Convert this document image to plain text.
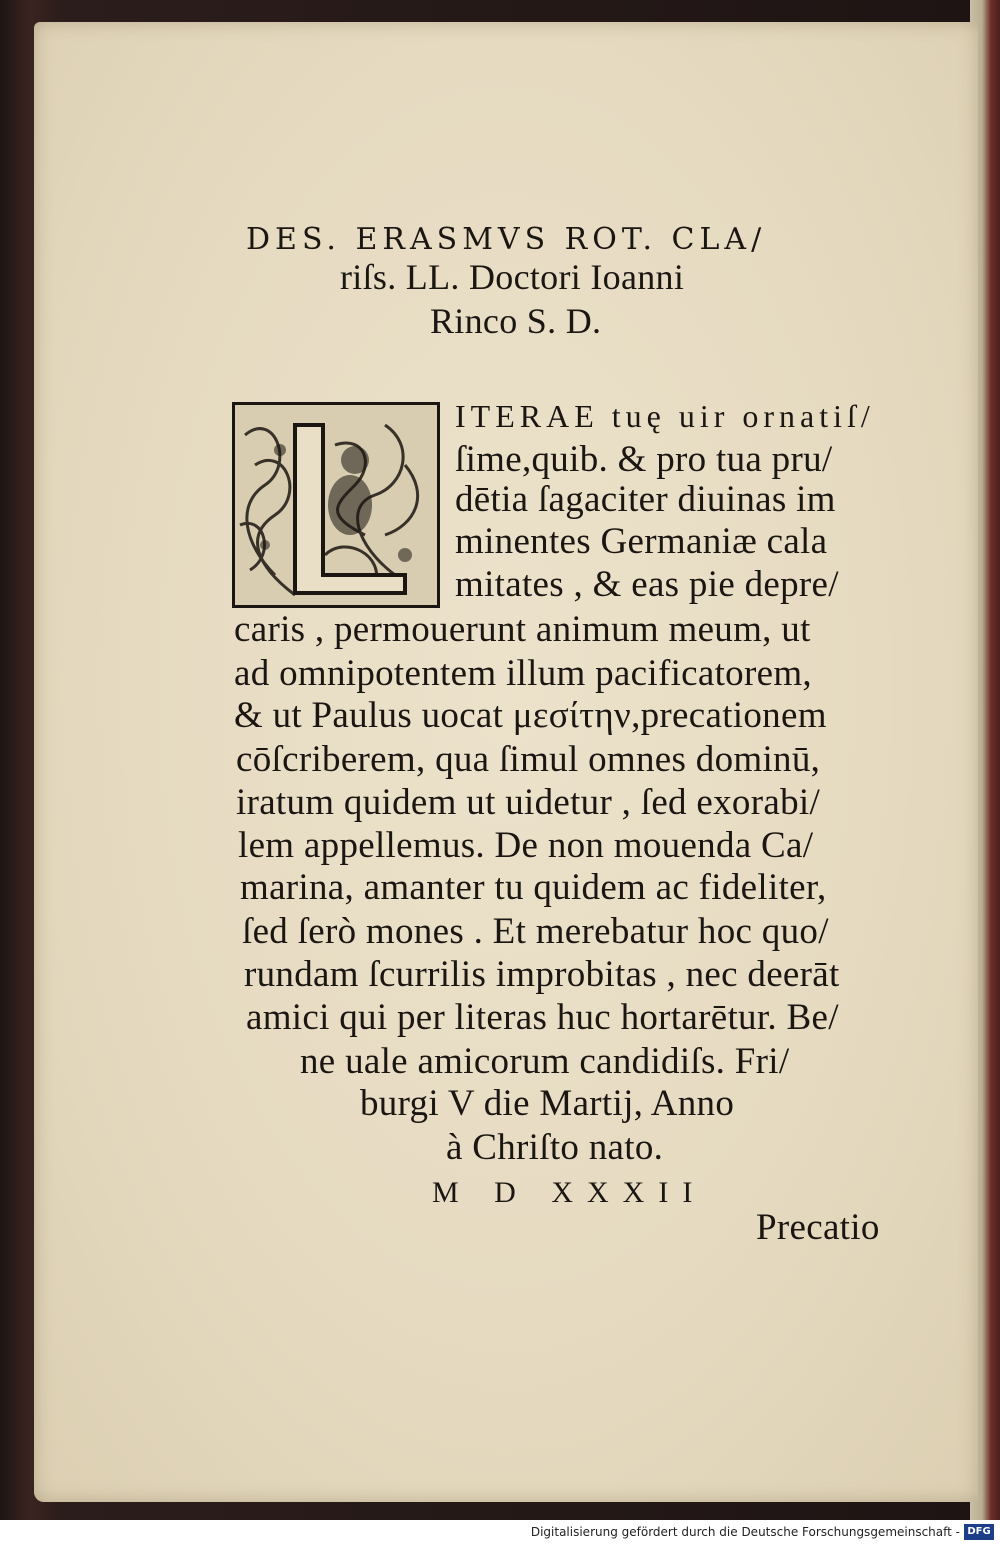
DES. ERASMVS ROT. CLA/
riſs. LL. Doctori Ioanni
Rinco S. D.
ITERAE tuę uir ornatiſ/
ſime,quib. & pro tua pru/
dētia ſagaciter diuinas im
minentes Germaniæ cala
mitates , & eas pie depre/
caris , permouerunt animum meum, ut
ad omnipotentem illum pacificatorem,
& ut Paulus uocat μεσίτην,precationem
cōſcriberem, qua ſimul omnes dominū,
iratum quidem ut uidetur , ſed exorabi/
lem appellemus. De non mouenda Ca/
marina, amanter tu quidem ac fideliter,
ſed ſerò mones . Et merebatur hoc quo/
rundam ſcurrilis improbitas , nec deerāt
amici qui per literas huc hortarētur. Be/
ne uale amicorum candidiſs. Fri/
burgi V die Martij, Anno
à Chriſto nato.
M D XXXII
Precatio
Digitalisierung gefördert durch die Deutsche Forschungsgemeinschaft - DFG
